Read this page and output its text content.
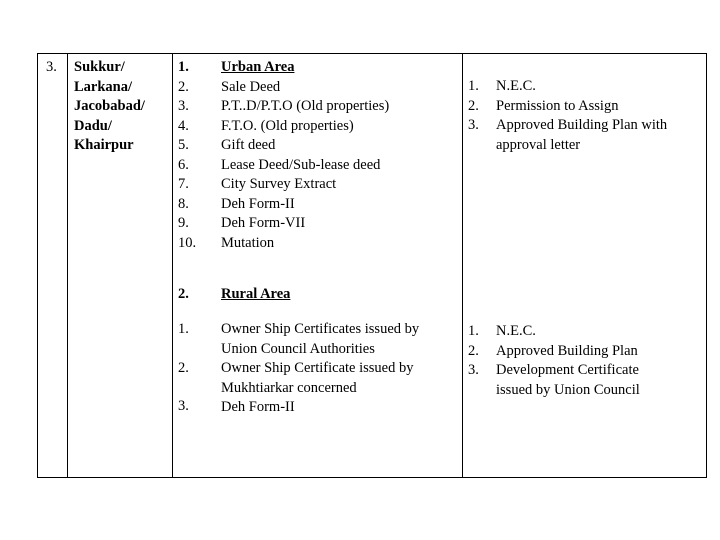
3. Sukkur/
Larkana/
Jacobabad/
Dadu/
Khairpur
1.
2.
3.
4.
5.
6.
7.
8.
9.
10.
Urban Area
Sale Deed
P.T..D/P.T.O (Old properties)
F.T.O. (Old properties)
Gift deed
Lease Deed/Sub-lease deed
City Survey Extract
Deh Form-II
Deh Form-VII
Mutation
1.
2.
3.
N.E.C.
Permission to Assign
Approved Building Plan with
approval letter
2. Rural Area
1.
2.
3.
Owner Ship Certificates issued by
Union Council Authorities
Owner Ship Certificate issued by
Mukhtiarkar concerned
Deh Form-II
1.
2.
3.
N.E.C.
Approved Building Plan
Development Certificate
issued by Union Council
